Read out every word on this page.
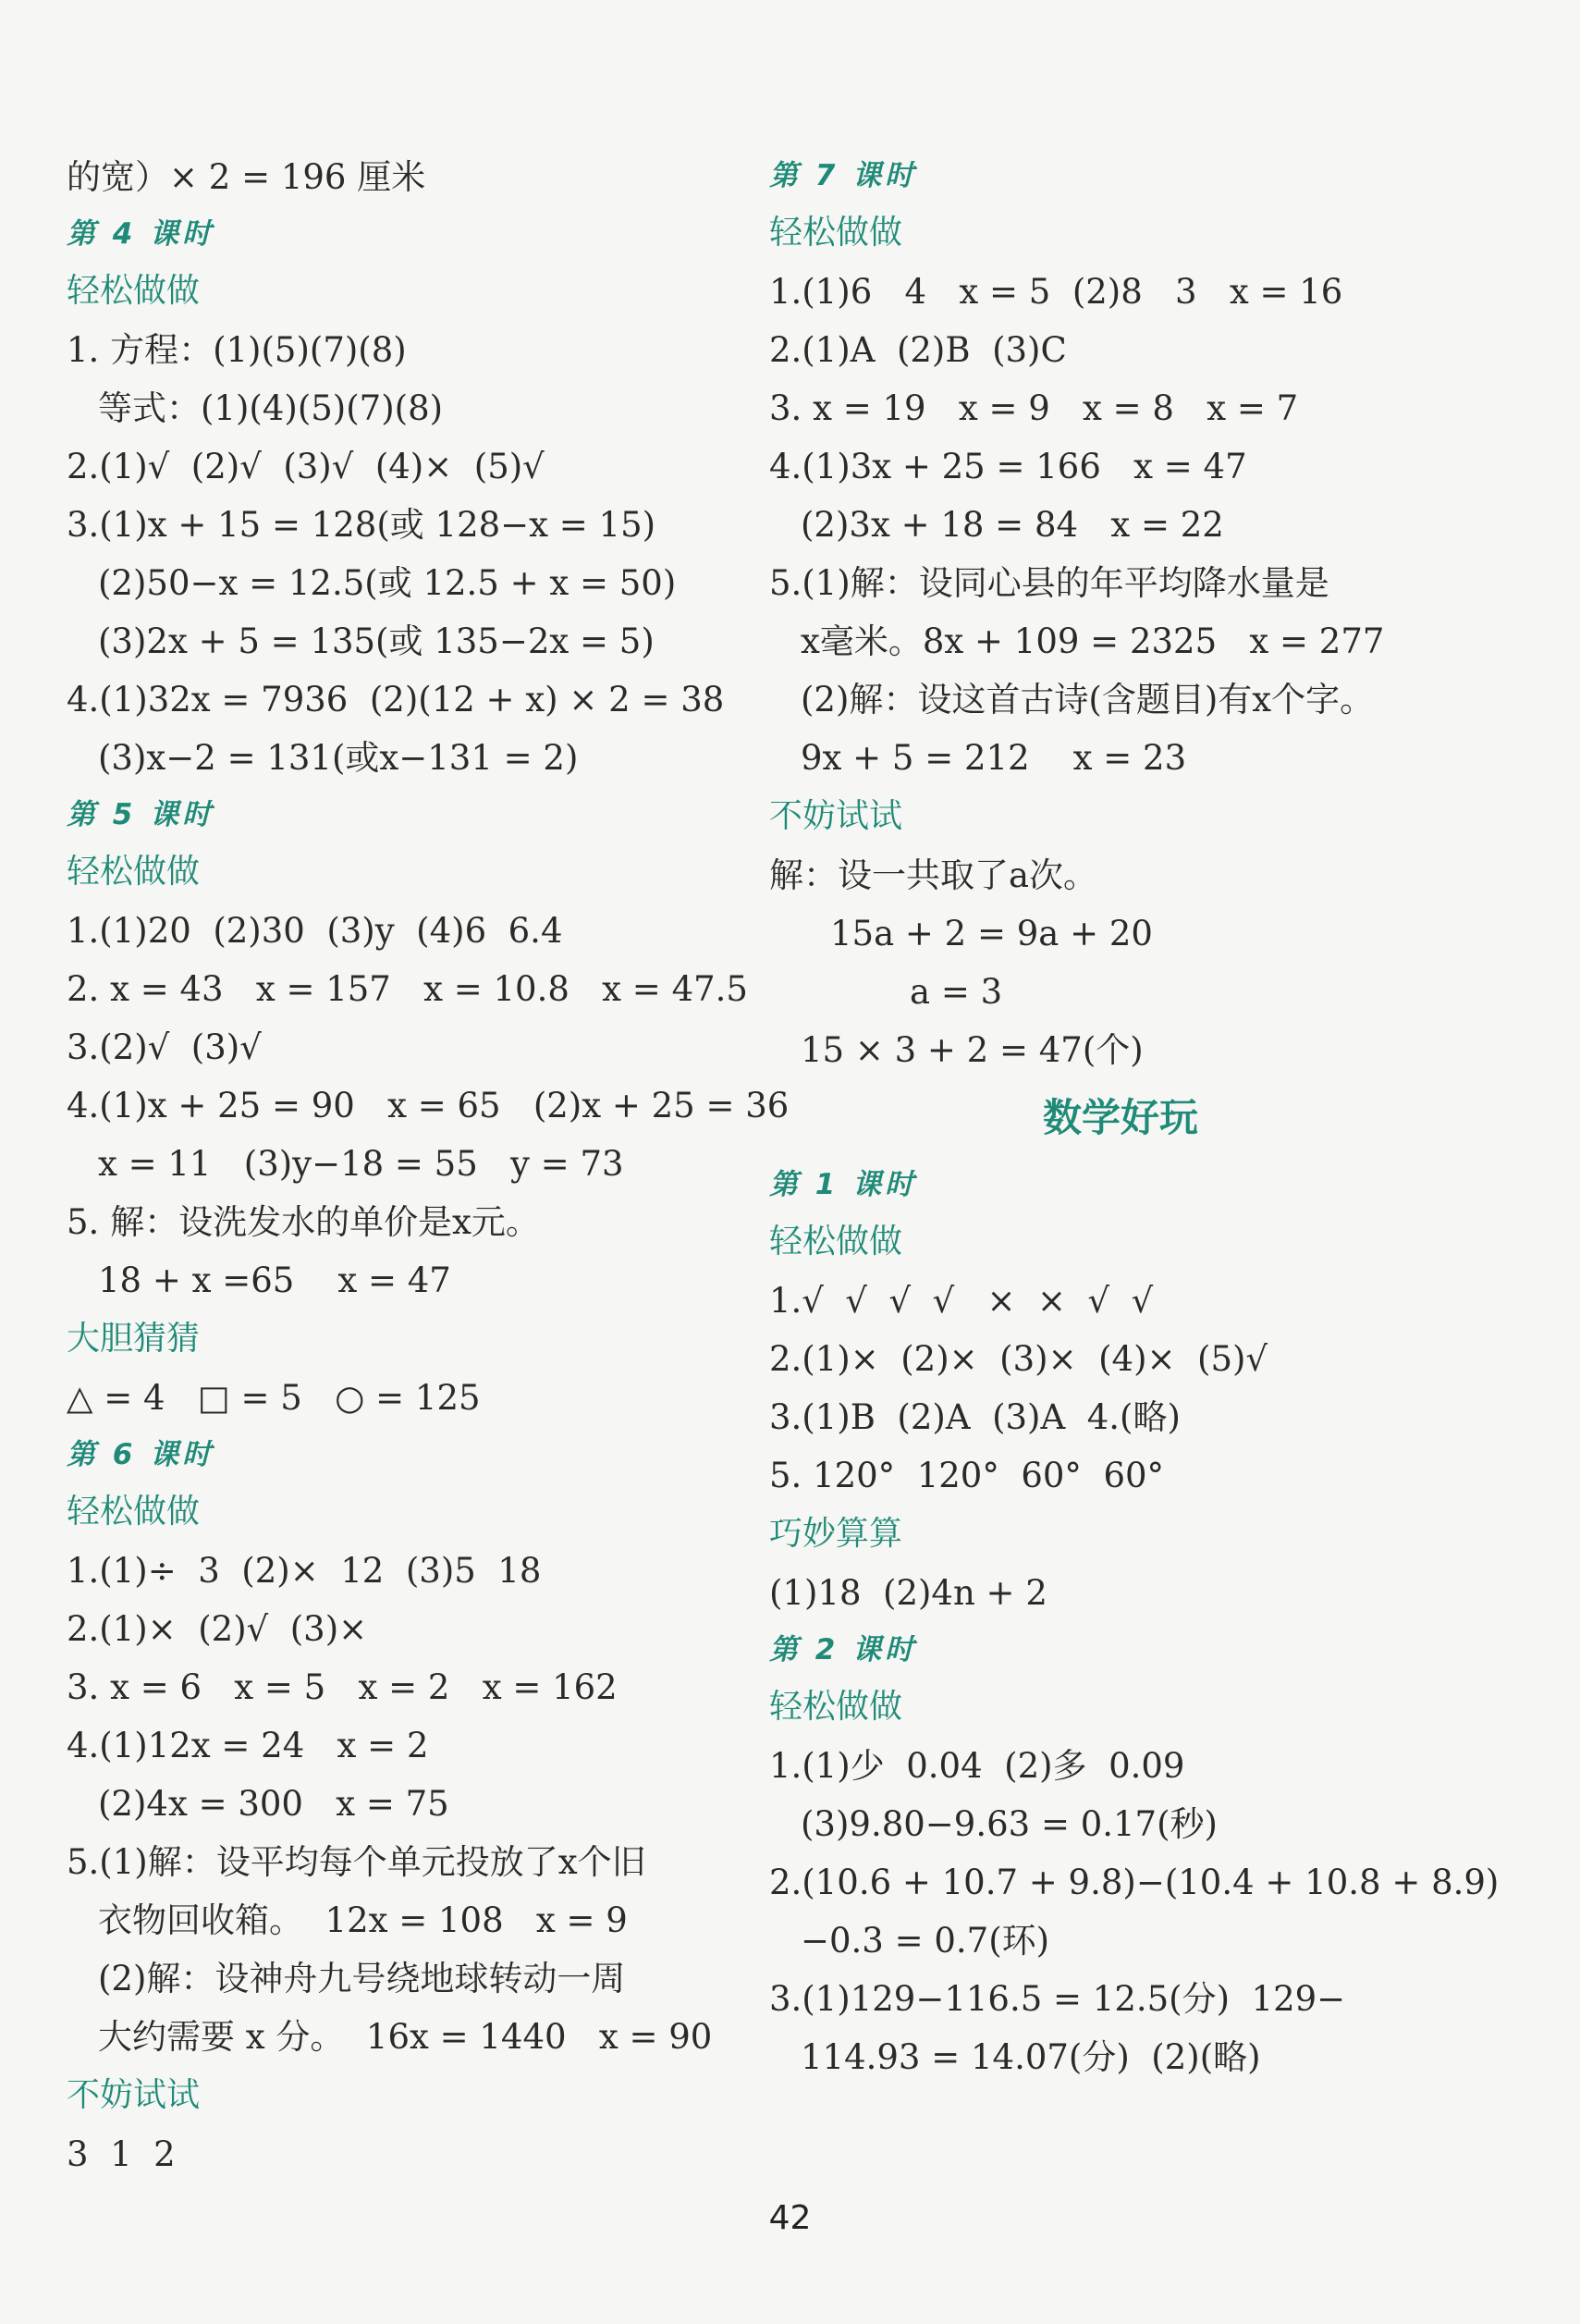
的宽）× 2 = 196 厘米
第 4 课时
轻松做做
1. 方程：(1)(5)(7)(8)
等式：(1)(4)(5)(7)(8)
2.(1)√  (2)√  (3)√  (4)×  (5)√
3.(1)x + 15 = 128(或 128−x = 15)
(2)50−x = 12.5(或 12.5 + x = 50)
(3)2x + 5 = 135(或 135−2x = 5)
4.(1)32x = 7936  (2)(12 + x) × 2 = 38
(3)x−2 = 131(或x−131 = 2)
第 5 课时
轻松做做
1.(1)20  (2)30  (3)y  (4)6  6.4
2. x = 43   x = 157   x = 10.8   x = 47.5
3.(2)√  (3)√
4.(1)x + 25 = 90   x = 65   (2)x + 25 = 36
x = 11   (3)y−18 = 55   y = 73
5. 解：设洗发水的单价是x元。
18 + x =65    x = 47
大胆猜猜
△ = 4   □ = 5   ○ = 125
第 6 课时
轻松做做
1.(1)÷  3  (2)×  12  (3)5  18
2.(1)×  (2)√  (3)×
3. x = 6   x = 5   x = 2   x = 162
4.(1)12x = 24   x = 2
(2)4x = 300   x = 75
5.(1)解：设平均每个单元投放了x个旧
衣物回收箱。  12x = 108   x = 9
(2)解：设神舟九号绕地球转动一周
大约需要 x 分。  16x = 1440   x = 90
不妨试试
3  1  2
第 7 课时
轻松做做
1.(1)6   4   x = 5  (2)8   3   x = 16
2.(1)A  (2)B  (3)C
3. x = 19   x = 9   x = 8   x = 7
4.(1)3x + 25 = 166   x = 47
(2)3x + 18 = 84   x = 22
5.(1)解：设同心县的年平均降水量是
x毫米。8x + 109 = 2325   x = 277
(2)解：设这首古诗(含题目)有x个字。
9x + 5 = 212    x = 23
不妨试试
解：设一共取了a次。
15a + 2 = 9a + 20
a = 3
15 × 3 + 2 = 47(个)
数学好玩
第 1 课时
轻松做做
1.√  √  √  √   ×  ×  √  √
2.(1)×  (2)×  (3)×  (4)×  (5)√
3.(1)B  (2)A  (3)A  4.(略)
5. 120°  120°  60°  60°
巧妙算算
(1)18  (2)4n + 2
第 2 课时
轻松做做
1.(1)少  0.04  (2)多  0.09
(3)9.80−9.63 = 0.17(秒)
2.(10.6 + 10.7 + 9.8)−(10.4 + 10.8 + 8.9)
−0.3 = 0.7(环)
3.(1)129−116.5 = 12.5(分)  129−
114.93 = 14.07(分)  (2)(略)
42
